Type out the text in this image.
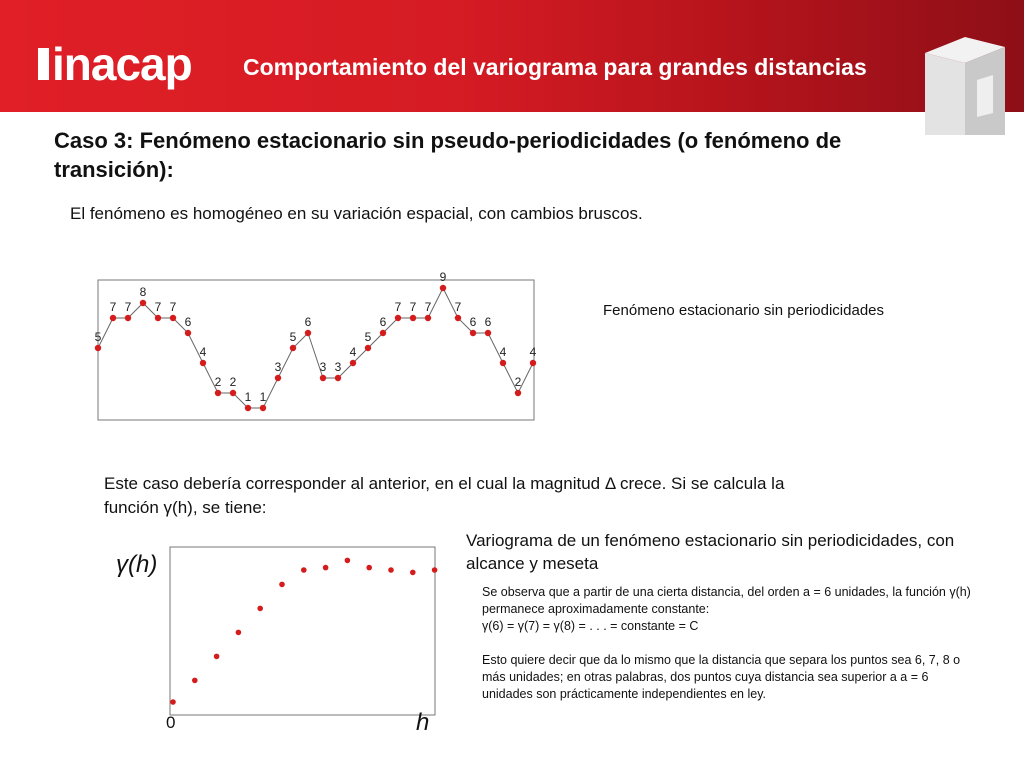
inacap Comportamiento del variograma para grandes distancias
Caso 3: Fenómeno estacionario sin pseudo-periodicidades (o fenómeno de transición):
El fenómeno es homogéneo en su variación espacial, con cambios bruscos.
5
7 7
8
7 7
6
4
2 2
1 1
3
5
6
3 3
4
5
6
7 7 7
9
7
6 6
4
2
4
Fenómeno estacionario sin periodicidades
Este caso debería corresponder al anterior, en el cual la magnitud Δ crece. Si se calcula la función γ(h), se tiene:
γ(h)
0	h
Variograma de un fenómeno estacionario sin periodicidades, con alcance y meseta

Se observa que a partir de una cierta distancia, del orden a = 6 unidades, la función γ(h) permanece aproximadamente constante:

γ(6) = γ(7) = γ(8) = . . . = constante = C

Esto quiere decir que da lo mismo que la distancia que separa los puntos sea 6, 7, 8 o más unidades; en otras palabras, dos puntos cuya distancia sea superior a a = 6 unidades son prácticamente independientes en ley.
